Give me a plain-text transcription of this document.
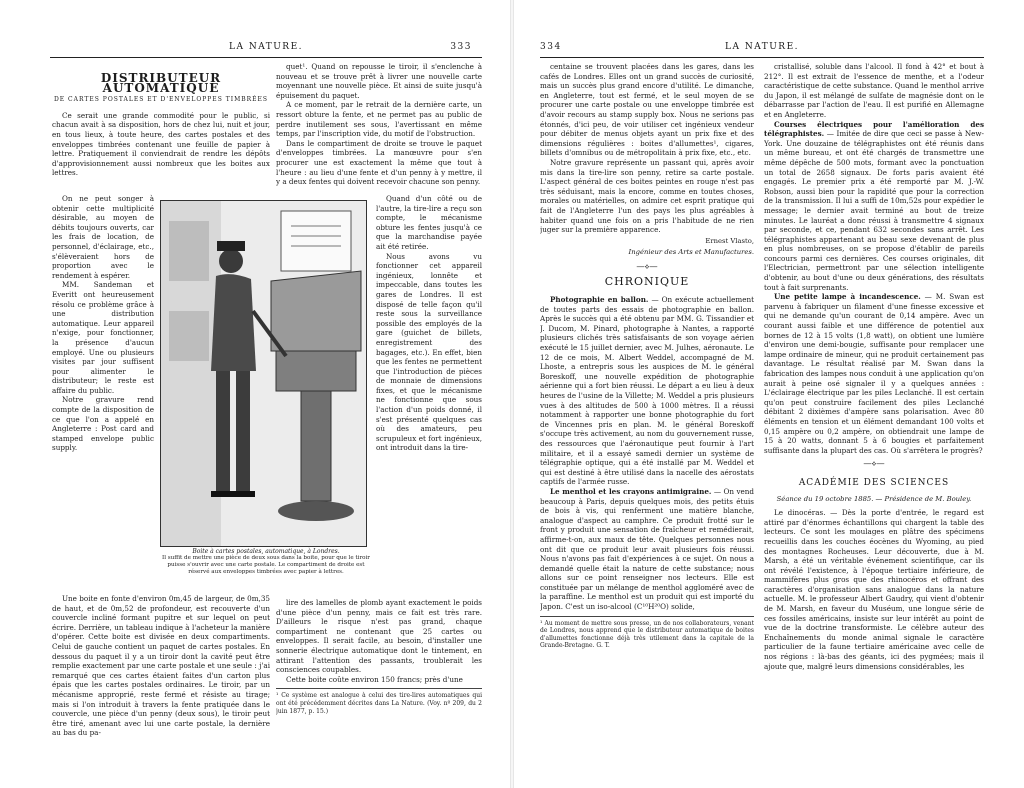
LA NATURE.	333
DISTRIBUTEUR AUTOMATIQUE
DE CARTES POSTALES ET D'ENVELOPPES TIMBRÉES

Ce serait une grande commodité pour le public, si chacun avait à sa disposition, hors de chez lui, nuit et jour, en tous lieux, à toute heure, des cartes postales et des enveloppes timbrées contenant une feuille de papier à lettre. Pratiquement il conviendrait de rendre les dépôts d'approvisionnement aussi nombreux que les boites aux lettres.

On ne peut songer à obtenir cette multiplicité désirable, au moyen de débits toujours ouverts, car les frais de location, de personnel, d'éclairage, etc., s'élèveraient hors de proportion avec le rendement à espérer.

MM. Sandeman et Everitt ont heureusement résolu ce problème grâce à une distribution automatique. Leur appareil n'exige, pour fonctionner, la présence d'aucun employé. Une ou plusieurs visites par jour suffisent pour alimenter le distributeur; le reste est affaire du public.

Notre gravure rend compte de la disposition de ce que l'on a appelé en Angleterre : Post card and stamped envelope public supply.

Une boite en fonte d'environ 0m,45 de largeur, de 0m,35 de haut, et de 0m,52 de profondeur, est recouverte d'un couvercle incliné formant pupitre et sur lequel on peut écrire. Derrière, un tableau indique à l'acheteur la manière d'opérer. Cette boite est divisée en deux compartiments. Celui de gauche contient un paquet de cartes postales. En dessous du paquet il y a un tiroir dont la cavité peut être remplie exactement par une carte postale et une seule : j'ai remarqué que ces cartes étaient faites d'un carton plus épais que les cartes postales ordinaires. Le tiroir, par un mécanisme approprié, reste fermé et résiste au tirage; mais si l'on introduit à travers la fente pratiquée dans le couvercle, une pièce d'un penny (deux sous), le tiroir peut être tiré, amenant avec lui une carte postale, la dernière au bas du pa-

quet¹. Quand on repousse le tiroir, il s'enclenche à nouveau et se trouve prêt à livrer une nouvelle carte moyennant une nouvelle pièce. Et ainsi de suite jusqu'à épuisement du paquet.

A ce moment, par le retrait de la dernière carte, un ressort obture la fente, et ne permet pas au public de perdre inutilement ses sous, l'avertissant en même temps, par l'inscription vide, du motif de l'obstruction.

Dans le compartiment de droite se trouve le paquet d'enveloppes timbrées. La manœuvre pour s'en procurer une est exactement la même que tout à l'heure : au lieu d'une fente et d'un penny à y mettre, il y a deux fentes qui doivent recevoir chacune son penny.

Quand d'un côté ou de l'autre, la tire-lire a reçu son compte, le mécanisme obture les fentes jusqu'à ce que la marchandise payée ait été retirée.

Nous avons vu fonctionner cet appareil ingénieux, lonnête et impeccable, dans toutes les gares de Londres. Il est disposé de telle façon qu'il reste sous la surveillance possible des employés de la gare (guichet de billets, enregistrement des bagages, etc.). En effet, bien que les fentes ne permettent que l'introduction de pièces de monnaie de dimensions fixes, et que le mécanisme ne fonctionne que sous l'action d'un poids donné, il s'est présenté quelques cas où des amateurs, peu scrupuleux et fort ingénieux, ont introduit dans la tire-

lire des lamelles de plomb ayant exactement le poids d'une pièce d'un penny, mais ce fait est très rare. D'ailleurs le risque n'est pas grand, chaque compartiment ne contenant que 25 cartes ou enveloppes. Il serait facile, au besoin, d'installer une sonnerie électrique automatique dont le tintement, en attirant l'attention des passants, troublerait les consciences coupables.

Cette boite coûte environ 150 francs; près d'une

¹ Ce système est analogue à celui des tire-lires automatiques qui ont été précédemment décrites dans La Nature. (Voy. nº 209, du 2 juin 1877, p. 15.)
Boite à cartes postales, automatique, à Londres.
Il suffit de mettre une pièce de deux sous dans la boite, pour que le tiroir puisse s'ouvrir avec une carte postale. Le compartiment de droite est réservé aux enveloppes timbrées avec papier à lettres.
334	LA NATURE.

centaine se trouvent placées dans les gares, dans les cafés de Londres. Elles ont un grand succès de curiosité, mais un succès plus grand encore d'utilité. Le dimanche, en Angleterre, tout est fermé, et le seul moyen de se procurer une carte postale ou une enveloppe timbrée est d'avoir recours au stamp supply box. Nous ne serions pas étonnés, d'ici peu, de voir utiliser cet ingénieux vendeur pour débiter de menus objets ayant un prix fixe et des dimensions régulières : boites d'allumettes¹, cigares, billets d'omnibus ou de métropolitain à prix fixe, etc., etc.

Notre gravure représente un passant qui, après avoir mis dans la tire-lire son penny, retire sa carte postale. L'aspect général de ces boites peintes en rouge n'est pas très séduisant, mais la encore, comme en toutes choses, morales ou matérielles, on admire cet esprit pratique qui fait de l'Angleterre l'un des pays les plus agréables à habiter quand une fois on a pris l'habitude de ne rien juger sur la première apparence.

Ernest Vlasto,
Ingénieur des Arts et Manufactures.
—⟡—
CHRONIQUE

Photographie en ballon. — On exécute actuellement de toutes parts des essais de photographie en ballon. Après le succès qui a été obtenu par MM. G. Tissandier et J. Ducom, M. Pinard, photographe à Nantes, a rapporté plusieurs clichés très satisfaisants de son voyage aérien exécuté le 15 juillet dernier, avec M. Julhes, aéronaute. Le 12 de ce mois, M. Albert Weddel, accompagné de M. Lhoste, a entrepris sous les auspices de M. le général Boreskoff, une nouvelle expédition de photographie aérienne qui a fort bien réussi. Le départ a eu lieu à deux heures de l'usine de la Villette; M. Weddel a pris plusieurs vues à des altitudes de 500 à 1000 mètres. Il a réussi notamment à rapporter une bonne photographie du fort de Vincennes pris en plan. M. le général Boreskoff s'occupe très activement, au nom du gouvernement russe, des ressources que l'aéronautique peut fournir à l'art militaire, et il a essayé samedi dernier un système de télégraphie optique, qui a été installé par M. Weddel et qui est destiné à être utilisé dans la nacelle des aérostats captifs de l'armée russe.

Le menthol et les crayons antimigraine. — On vend beaucoup à Paris, depuis quelques mois, des petits étuis de bois à vis, qui renferment une matière blanche, analogue d'aspect au camphre. Ce produit frotté sur le front y produit une sensation de fraîcheur et remédierait, affirme-t-on, aux maux de tête. Quelques personnes nous ont dit que ce produit leur avait plusieurs fois réussi. Nous n'avons pas fait d'expériences à ce sujet. On nous a demandé quelle était la nature de cette substance; nous allons sur ce point renseigner nos lecteurs. Elle est constituée par un mélange de menthol aggloméré avec de la paraffine. Le menthol est un produit qui est importé du Japon. C'est un iso-alcool (C¹⁰H²⁰O) solide,

¹ Au moment de mettre sous presse, un de nos collaborateurs, venant de Londres, nous apprend que le distributeur automatique de boites d'allumettes fonctionne déjà très utilement dans la capitale de la Grande-Bretagne. G. T.

cristallisé, soluble dans l'alcool. Il fond à 42° et bout à 212°. Il est extrait de l'essence de menthe, et a l'odeur caractéristique de cette substance. Quand le menthol arrive du Japon, il est mélangé de sulfate de magnésie dont on le débarrasse par l'action de l'eau. Il est purifié en Allemagne et en Angleterre.

Courses électriques pour l'amélioration des télégraphistes. — Imitée de dire que ceci se passe à New-York. Une douzaine de télégraphistes ont été réunis dans un même bureau, et ont été chargés de transmettre une même dépêche de 500 mots, formant avec la ponctuation un total de 2658 signaux. De forts paris avaient été engagés. Le premier prix a été remporté par M. J.-W. Robson, aussi bien pour la rapidité que pour la correction de la transmission. Il lui a suffi de 10m,52s pour expédier le message; le dernier avait terminé au bout de treize minutes. Le lauréat a donc réussi à transmettre 4 signaux par seconde, et ce, pendant 632 secondes sans arrêt. Les télégraphistes appartenant au beau sexe devenant de plus en plus nombreuses, on se propose d'établir de pareils concours parmi ces dernières. Ces courses originales, dit l'Electrician, permettront par une sélection intelligente d'obtenir, au bout d'une ou deux générations, des résultats tout à fait surprenants.

Une petite lampe à incandescence. — M. Swan est parvenu à fabriquer un filament d'une finesse excessive et qui ne demande qu'un courant de 0,14 ampère. Avec un courant aussi faible et une différence de potentiel aux bornes de 12 à 15 volts (1,8 watt), on obtient une lumière d'environ une demi-bougie, suffisante pour remplacer une lampe ordinaire de mineur, qui ne produit certainement pas davantage. Le résultat réalisé par M. Swan dans la fabrication des lampes nous conduit à une application qu'on aurait à peine osé signaler il y a quelques années : L'éclairage électrique par les piles Leclanché. Il est certain qu'on peut construire facilement des piles Leclanché débitant 2 dixièmes d'ampère sans polarisation. Avec 80 éléments en tension et un élément demandant 100 volts et 0,15 ampère ou 0,2 ampère, on obtiendrait une lampe de 15 à 20 watts, donnant 5 à 6 bougies et parfaitement suffisante dans la plupart des cas. Où s'arrêtera le progrès?

—⟡—
ACADÉMIE DES SCIENCES
Séance du 19 octobre 1885. — Présidence de M. Bouley.

Le dinocéras. — Dès la porte d'entrée, le regard est attiré par d'énormes échantillons qui chargent la table des lecteurs. Ce sont les moulages en plâtre des spécimens recueillis dans les couches éocènes du Wyoming, au pied des montagnes Rocheuses. Leur découverte, due à M. Marsh, a été un véritable événement scientifique, car ils ont révélé l'existence, à l'époque tertiaire inférieure, de mammifères plus gros que des rhinocéros et offrant des caractères d'organisation sans analogue dans la nature actuelle. M. le professeur Albert Gaudry, qui vient d'obtenir de M. Marsh, en faveur du Muséum, une longue série de ces fossiles américains, insiste sur leur intérêt au point de vue de la doctrine transformiste. Le célèbre auteur des Enchaînements du monde animal signale le caractère particulier de la faune tertiaire américaine avec celle de nos régions : là-bas des géants, ici des pygmées; mais il ajoute que, malgré leurs dimensions considérables, les
